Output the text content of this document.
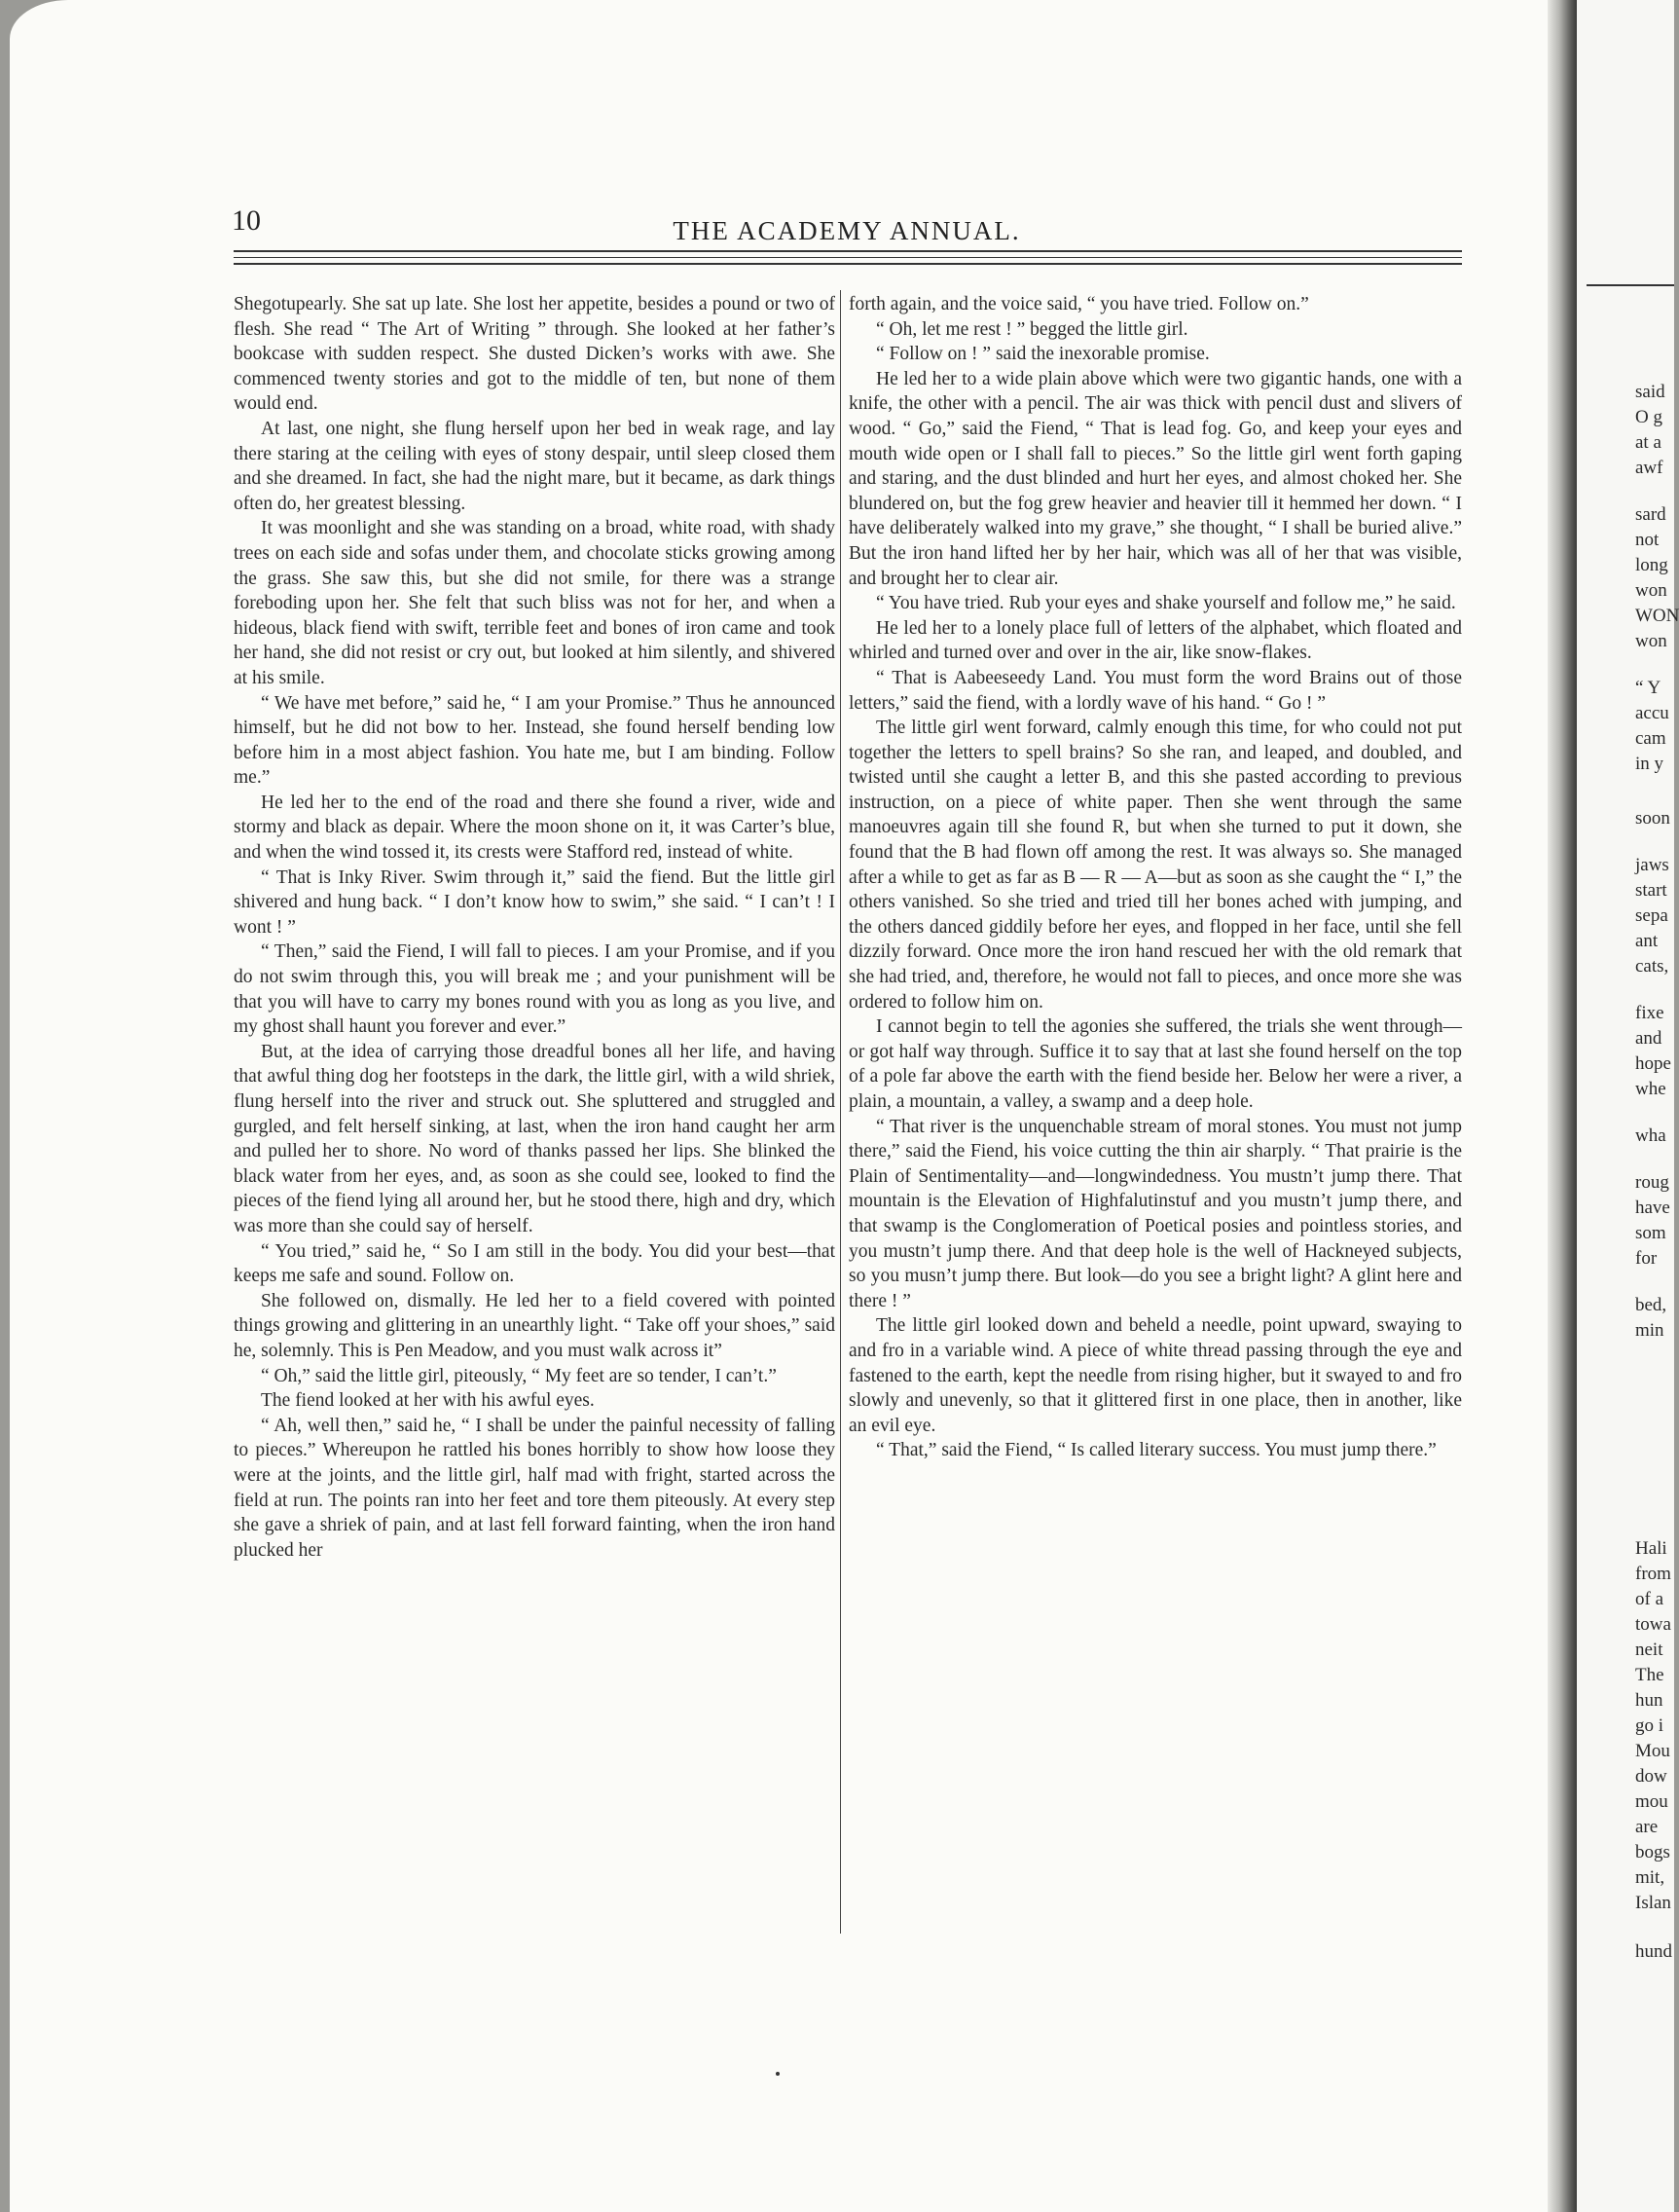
10	THE ACADEMY ANNUAL.

Shegotupearly. She sat up late. She lost her appetite, besides a pound or two of flesh. She read “ The Art of Writing ” through. She looked at her father’s bookcase with sudden respect. She dusted Dicken’s works with awe. She commenced twenty stories and got to the middle of ten, but none of them would end.

At last, one night, she flung herself upon her bed in weak rage, and lay there staring at the ceiling with eyes of stony despair, until sleep closed them and she dreamed. In fact, she had the night mare, but it became, as dark things often do, her greatest blessing.

It was moonlight and she was standing on a broad, white road, with shady trees on each side and sofas under them, and chocolate sticks growing among the grass. She saw this, but she did not smile, for there was a strange foreboding upon her. She felt that such bliss was not for her, and when a hideous, black fiend with swift, terrible feet and bones of iron came and took her hand, she did not resist or cry out, but looked at him silently, and shivered at his smile.

“ We have met before,” said he, “ I am your Promise.” Thus he announced himself, but he did not bow to her. Instead, she found herself bending low before him in a most abject fashion. You hate me, but I am binding. Follow me.”

He led her to the end of the road and there she found a river, wide and stormy and black as depair. Where the moon shone on it, it was Carter’s blue, and when the wind tossed it, its crests were Stafford red, instead of white.

“ That is Inky River. Swim through it,” said the fiend. But the little girl shivered and hung back. “ I don’t know how to swim,” she said. “ I can’t ! I wont ! ”

“ Then,” said the Fiend, I will fall to pieces. I am your Promise, and if you do not swim through this, you will break me ; and your punishment will be that you will have to carry my bones round with you as long as you live, and my ghost shall haunt you forever and ever.”

But, at the idea of carrying those dreadful bones all her life, and having that awful thing dog her footsteps in the dark, the little girl, with a wild shriek, flung herself into the river and struck out. She spluttered and struggled and gurgled, and felt herself sinking, at last, when the iron hand caught her arm and pulled her to shore. No word of thanks passed her lips. She blinked the black water from her eyes, and, as soon as she could see, looked to find the pieces of the fiend lying all around her, but he stood there, high and dry, which was more than she could say of herself.

“ You tried,” said he, “ So I am still in the body. You did your best—that keeps me safe and sound. Follow on.

She followed on, dismally. He led her to a field covered with pointed things growing and glittering in an unearthly light. “ Take off your shoes,” said he, solemnly. This is Pen Meadow, and you must walk across it”

“ Oh,” said the little girl, piteously, “ My feet are so tender, I can’t.”

The fiend looked at her with his awful eyes.

“ Ah, well then,” said he, “ I shall be under the painful necessity of falling to pieces.” Whereupon he rattled his bones horribly to show how loose they were at the joints, and the little girl, half mad with fright, started across the field at run. The points ran into her feet and tore them piteously. At every step she gave a shriek of pain, and at last fell forward fainting, when the iron hand plucked her

forth again, and the voice said, “ you have tried. Follow on.”

“ Oh, let me rest ! ” begged the little girl.

“ Follow on ! ” said the inexorable promise.

He led her to a wide plain above which were two gigantic hands, one with a knife, the other with a pencil. The air was thick with pencil dust and slivers of wood. “ Go,” said the Fiend, “ That is lead fog. Go, and keep your eyes and mouth wide open or I shall fall to pieces.” So the little girl went forth gaping and staring, and the dust blinded and hurt her eyes, and almost choked her. She blundered on, but the fog grew heavier and heavier till it hemmed her down. “ I have deliberately walked into my grave,” she thought, “ I shall be buried alive.” But the iron hand lifted her by her hair, which was all of her that was visible, and brought her to clear air.

“ You have tried. Rub your eyes and shake yourself and follow me,” he said.

He led her to a lonely place full of letters of the alphabet, which floated and whirled and turned over and over in the air, like snow-flakes.

“ That is Aabeeseedy Land. You must form the word Brains out of those letters,” said the fiend, with a lordly wave of his hand. “ Go ! ”

The little girl went forward, calmly enough this time, for who could not put together the letters to spell brains? So she ran, and leaped, and doubled, and twisted until she caught a letter B, and this she pasted according to previous instruction, on a piece of white paper. Then she went through the same manoeuvres again till she found R, but when she turned to put it down, she found that the B had flown off among the rest. It was always so. She managed after a while to get as far as B — R — A—but as soon as she caught the “ I,” the others vanished. So she tried and tried till her bones ached with jumping, and the others danced giddily before her eyes, and flopped in her face, until she fell dizzily forward. Once more the iron hand rescued her with the old remark that she had tried, and, therefore, he would not fall to pieces, and once more she was ordered to follow him on.

I cannot begin to tell the agonies she suffered, the trials she went through—or got half way through. Suffice it to say that at last she found herself on the top of a pole far above the earth with the fiend beside her. Below her were a river, a plain, a mountain, a valley, a swamp and a deep hole.

“ That river is the unquenchable stream of moral stones. You must not jump there,” said the Fiend, his voice cutting the thin air sharply. “ That prairie is the Plain of Sentimentality—and—longwindedness. You mustn’t jump there. That mountain is the Elevation of Highfalutinstuf and you mustn’t jump there, and that swamp is the Conglomeration of Poetical posies and pointless stories, and you mustn’t jump there. And that deep hole is the well of Hackneyed subjects, so you musn’t jump there. But look—do you see a bright light? A glint here and there ! ”

The little girl looked down and beheld a needle, point upward, swaying to and fro in a variable wind. A piece of white thread passing through the eye and fastened to the earth, kept the needle from rising higher, but it swayed to and fro slowly and unevenly, so that it glittered first in one place, then in another, like an evil eye.

“ That,” said the Fiend, “ Is called literary success. You must jump there.”

said
O g
at a
awf
sard
not
long
won
WON
won
“ Y
accu
cam
in y
soon
jaws
start
sepa
ant
cats,
fixe
and
hope
whe
wha
roug
have
som
for
bed,
min
Hali
from
of a
towa
neit
The
hun
go i
Mou
dow
mou
are
bogs
mit,
Islan
hund
